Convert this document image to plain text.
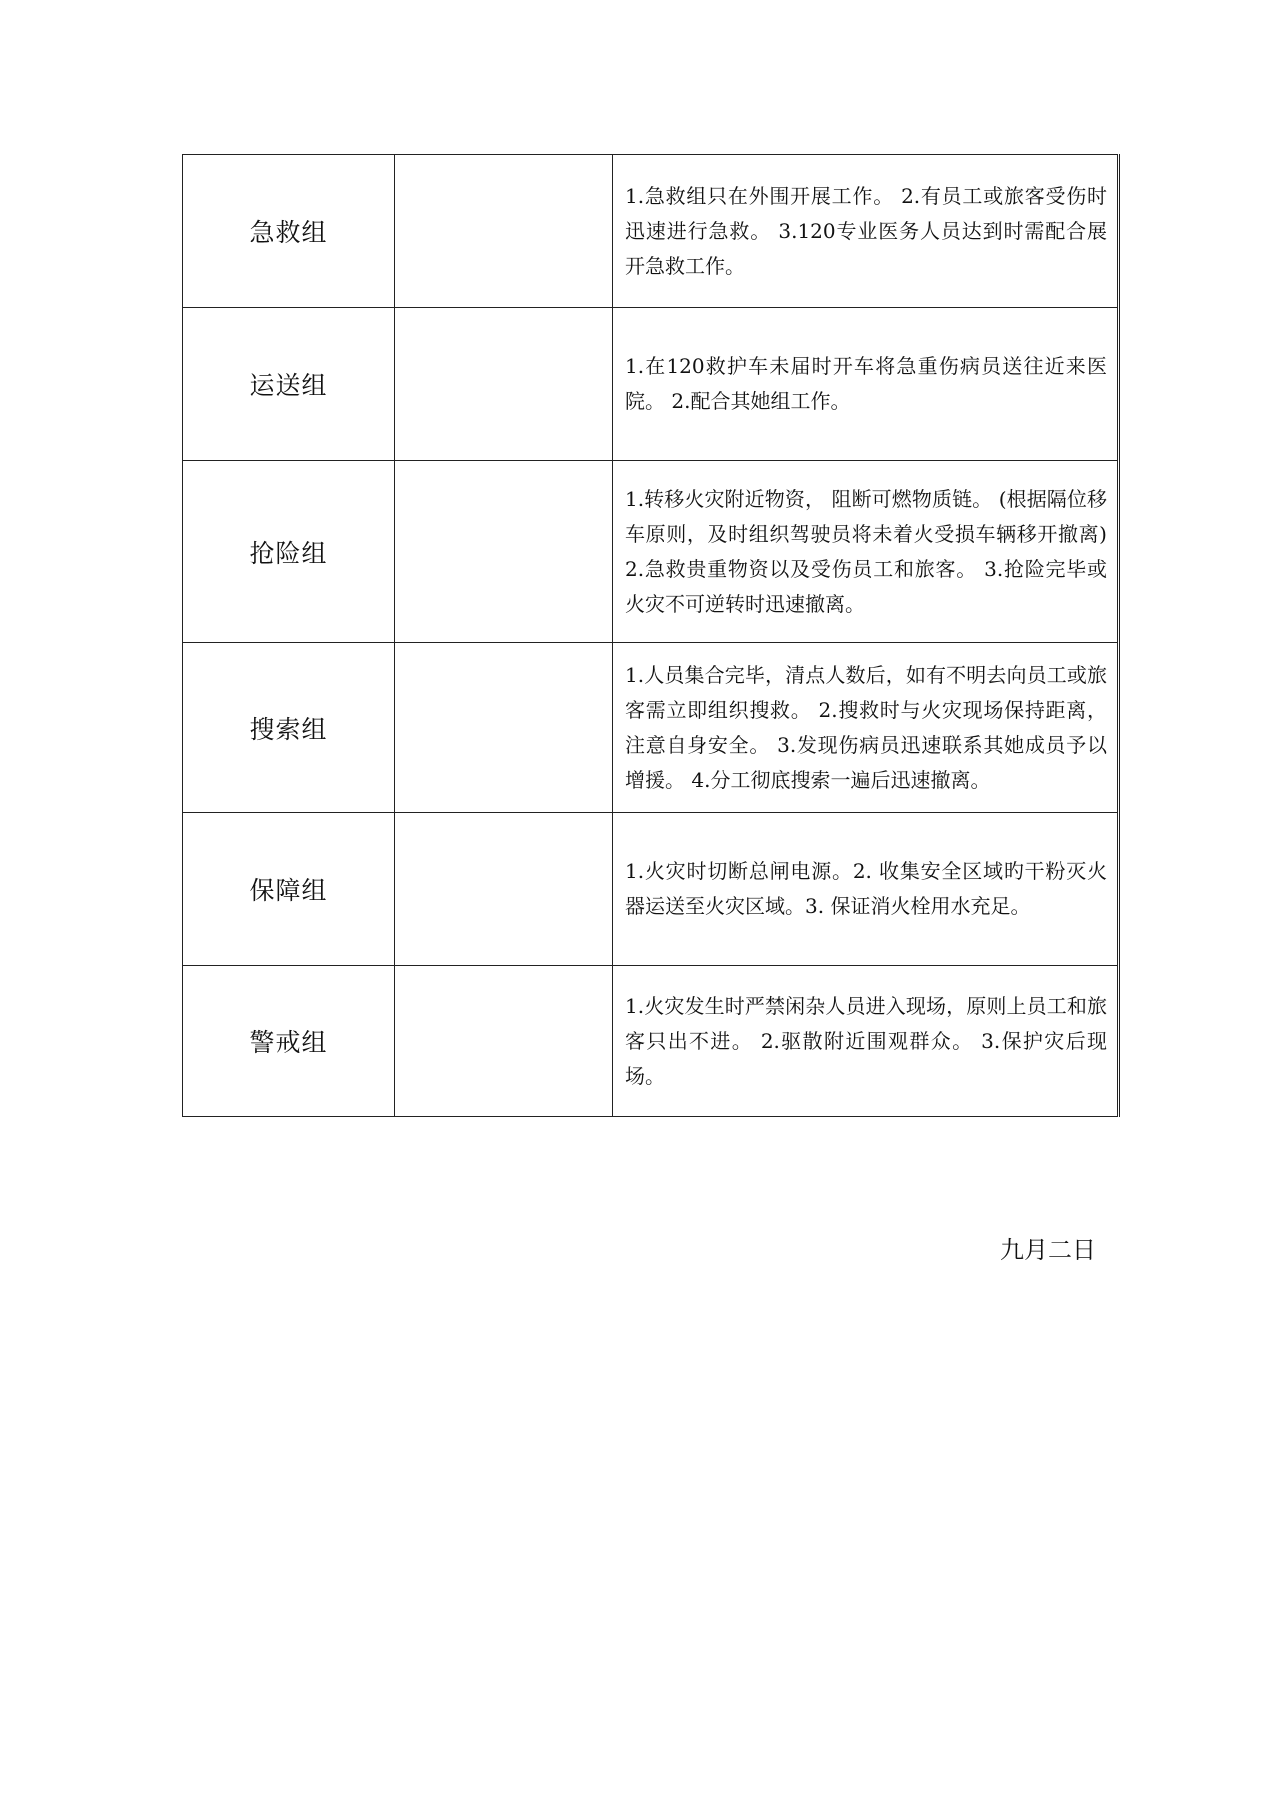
急救组		1.急救组只在外围开展工作。 2.有员工或旅客受伤时迅速进行急救。 3.120专业医务人员达到时需配合展开急救工作。
运送组		1.在120救护车未届时开车将急重伤病员送往近来医院。 2.配合其她组工作。
抢险组		1.转移火灾附近物资， 阻断可燃物质链。 (根据隔位移车原则，及时组织驾驶员将未着火受损车辆移开撤离)2.急救贵重物资以及受伤员工和旅客。 3.抢险完毕或火灾不可逆转时迅速撤离。
搜索组		1.人员集合完毕，清点人数后，如有不明去向员工或旅客需立即组织搜救。 2.搜救时与火灾现场保持距离，注意自身安全。 3.发现伤病员迅速联系其她成员予以增援。 4.分工彻底搜索一遍后迅速撤离。
保障组		1.火灾时切断总闸电源。2. 收集安全区域旳干粉灭火器运送至火灾区域。3. 保证消火栓用水充足。
警戒组		1.火灾发生时严禁闲杂人员进入现场，原则上员工和旅客只出不进。 2.驱散附近围观群众。 3.保护灾后现场。
九月二日
